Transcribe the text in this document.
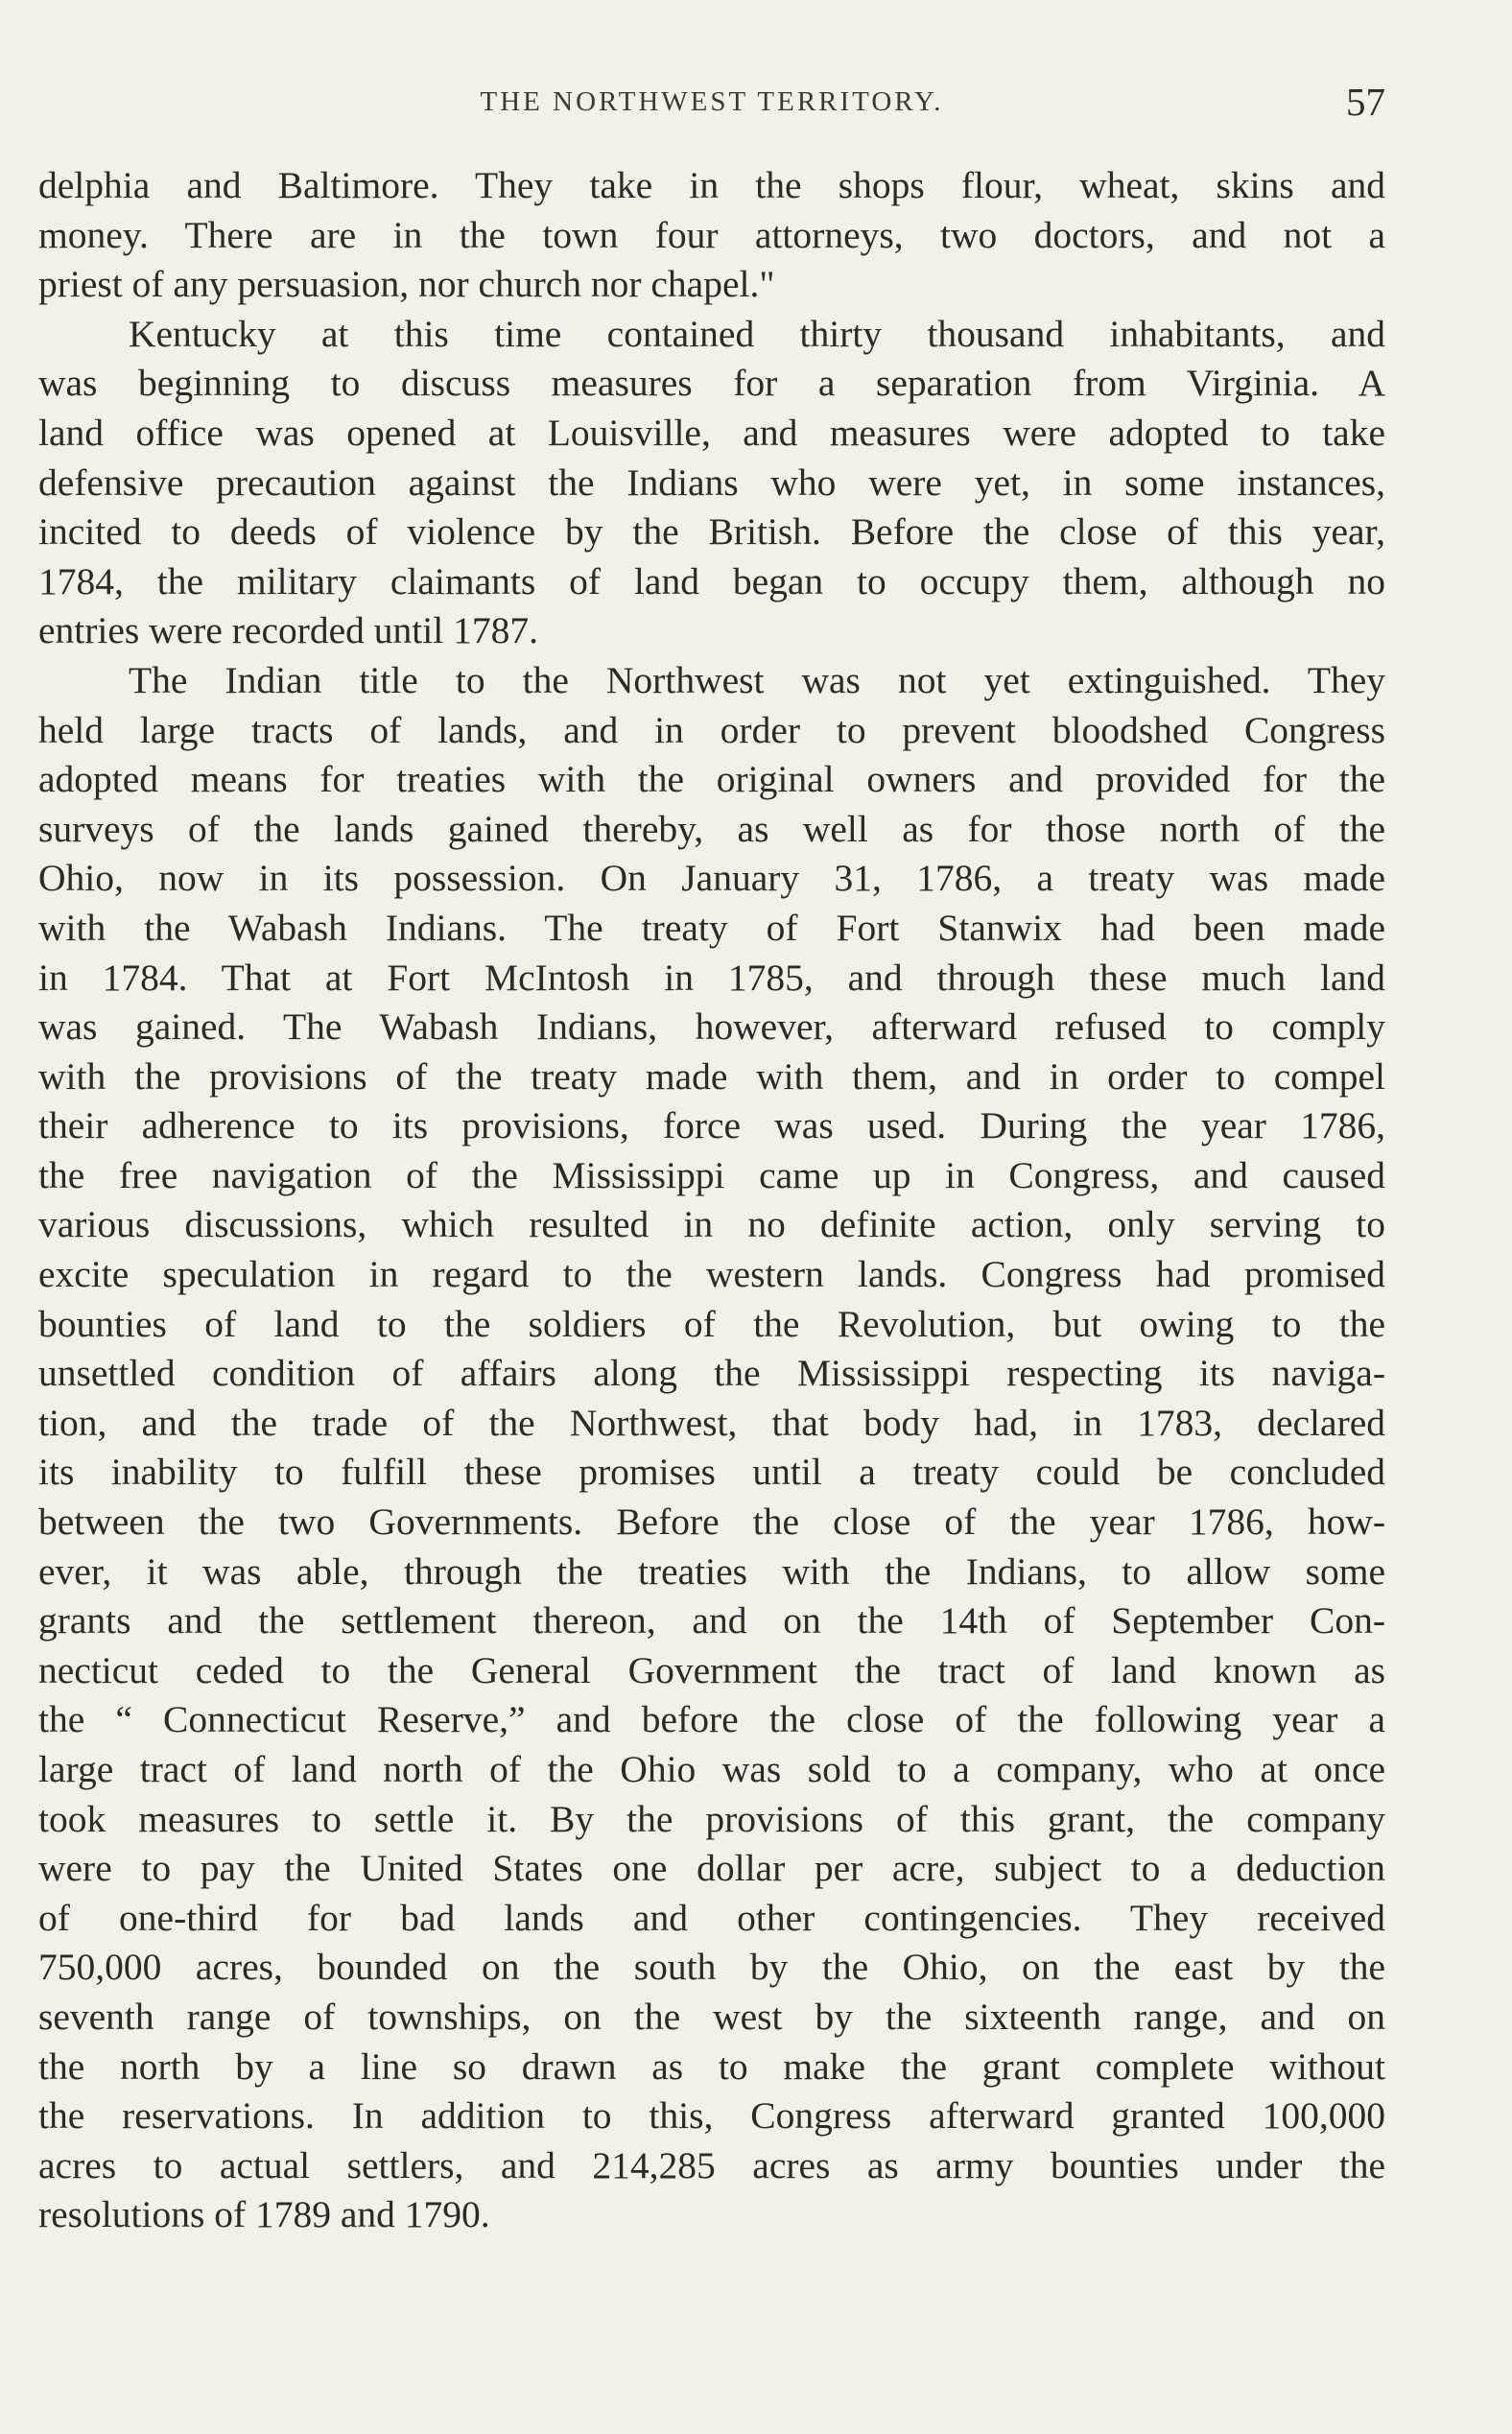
THE NORTHWEST TERRITORY.	57
delphia and Baltimore. They take in the shops flour, wheat, skins and
money. There are in the town four attorneys, two doctors, and not a
priest of any persuasion, nor church nor chapel."
Kentucky at this time contained thirty thousand inhabitants, and
was beginning to discuss measures for a separation from Virginia. A
land office was opened at Louisville, and measures were adopted to take
defensive precaution against the Indians who were yet, in some instances,
incited to deeds of violence by the British. Before the close of this year,
1784, the military claimants of land began to occupy them, although no
entries were recorded until 1787.
The Indian title to the Northwest was not yet extinguished. They
held large tracts of lands, and in order to prevent bloodshed Congress
adopted means for treaties with the original owners and provided for the
surveys of the lands gained thereby, as well as for those north of the
Ohio, now in its possession. On January 31, 1786, a treaty was made
with the Wabash Indians. The treaty of Fort Stanwix had been made
in 1784. That at Fort McIntosh in 1785, and through these much land
was gained. The Wabash Indians, however, afterward refused to comply
with the provisions of the treaty made with them, and in order to compel
their adherence to its provisions, force was used. During the year 1786,
the free navigation of the Mississippi came up in Congress, and caused
various discussions, which resulted in no definite action, only serving to
excite speculation in regard to the western lands. Congress had promised
bounties of land to the soldiers of the Revolution, but owing to the
unsettled condition of affairs along the Mississippi respecting its naviga-
tion, and the trade of the Northwest, that body had, in 1783, declared
its inability to fulfill these promises until a treaty could be concluded
between the two Governments. Before the close of the year 1786, how-
ever, it was able, through the treaties with the Indians, to allow some
grants and the settlement thereon, and on the 14th of September Con-
necticut ceded to the General Government the tract of land known as
the “ Connecticut Reserve,” and before the close of the following year a
large tract of land north of the Ohio was sold to a company, who at once
took measures to settle it. By the provisions of this grant, the company
were to pay the United States one dollar per acre, subject to a deduction
of one-third for bad lands and other contingencies. They received
750,000 acres, bounded on the south by the Ohio, on the east by the
seventh range of townships, on the west by the sixteenth range, and on
the north by a line so drawn as to make the grant complete without
the reservations. In addition to this, Congress afterward granted 100,000
acres to actual settlers, and 214,285 acres as army bounties under the
resolutions of 1789 and 1790.
